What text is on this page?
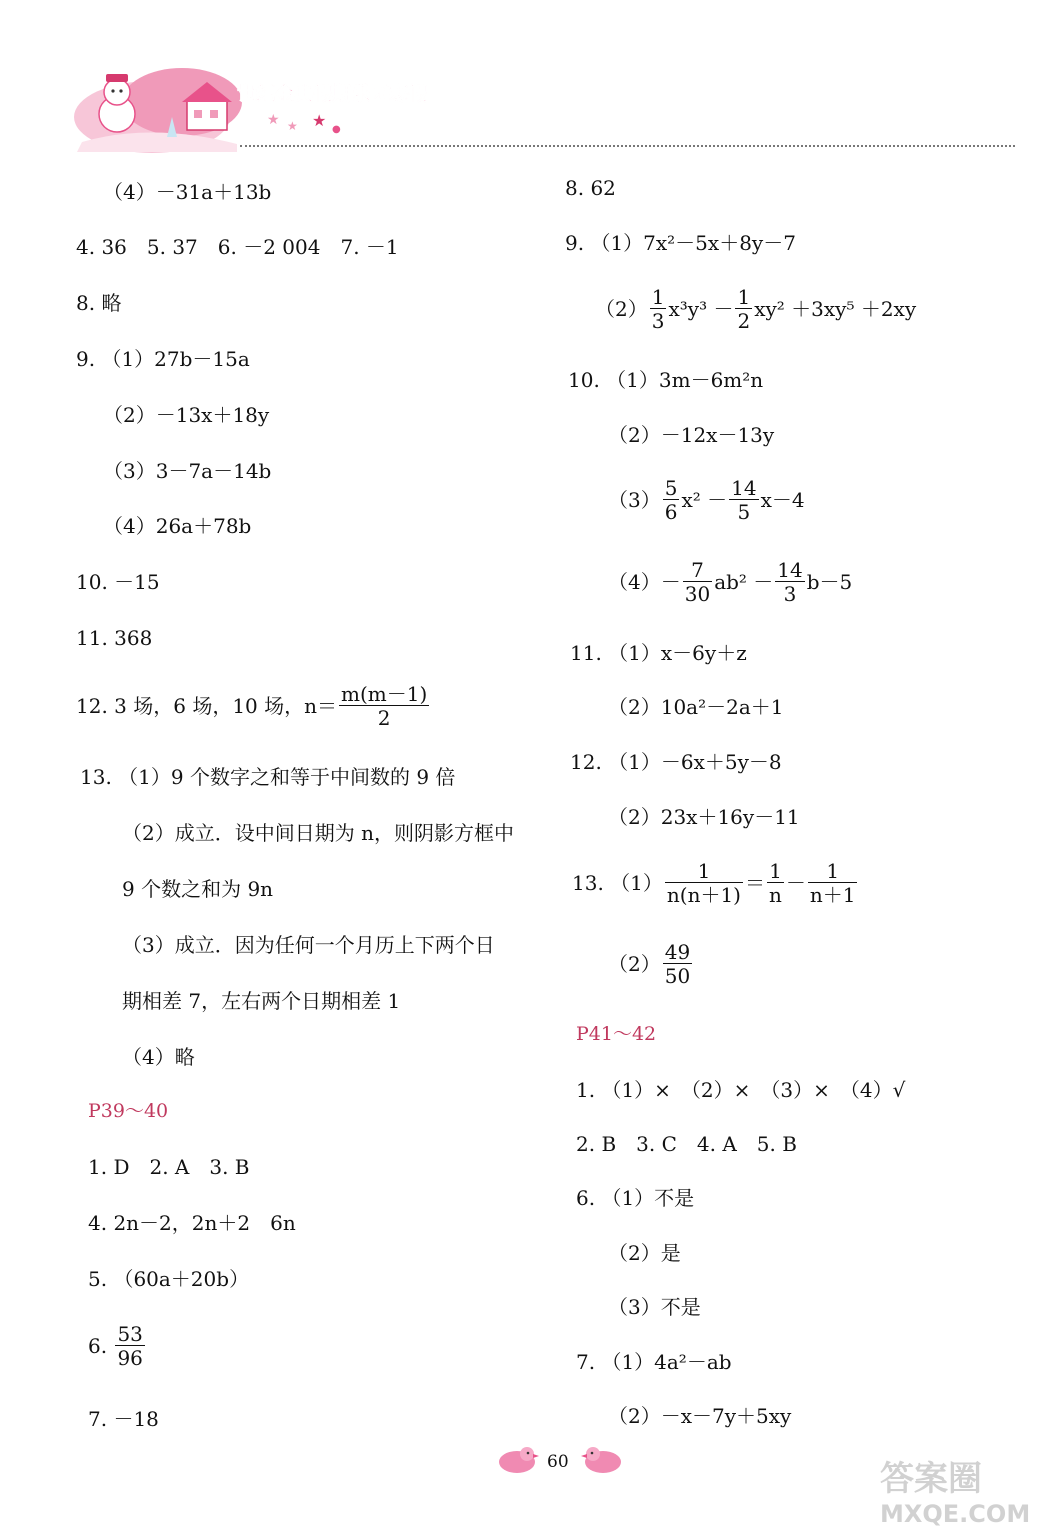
世纪金典假期乐园寒假
★ ★ ★ ●
（4）－31a＋13b
4. 36　5. 37　6. －2 004　7. －1
8. 略
9. （1）27b－15a
（2）－13x＋18y
（3）3－7a－14b
（4）26a＋78b
10. －15
11. 368
12. 3 场，6 场，10 场，$n= \frac{m(m-1)}{2}$
13. （1）9 个数字之和等于中间数的 9 倍
（2）成立．设中间日期为 n，则阴影方框中
9 个数之和为 9n
（3）成立．因为任何一个月历上下两个日
期相差 7，左右两个日期相差 1
（4）略
P39～40
1. D　2. A　3. B
4. 2n－2，2n＋2　6n
5. （60a＋20b）
6. $\frac{53}{96}$
7. －18
8. 62
9. （1）7x²－5x＋8y－7
$(2) \frac{1}{3} x^3y^3 - \frac{1}{2} xy^2 +3xy^5 +2xy$
10. （1）3m－6m²n
（2）－12x－13y
$(3) \frac{5}{6} x^2 - \frac{14}{5} x-4$
$(4)- \frac{7}{30} ab^2 - \frac{14}{3} b-5$
11. （1）x－6y＋z
（2）10a²－2a＋1
12. （1）－6x＋5y－8
（2）23x＋16y－11
13. $(1) \frac{1}{n(n+1)} = \frac{1}{n} - \frac{1}{n+1}$
$(2) \frac{49}{50}$
P41～42
1. （1）×　（2）×　（3）×　（4）√
2. B　3. C　4. A　5. B
6. （1）不是
（2）是
（3）不是
7. （1）4a²－ab
（2）－x－7y＋5xy
60	答案圈
MXQE.COM
